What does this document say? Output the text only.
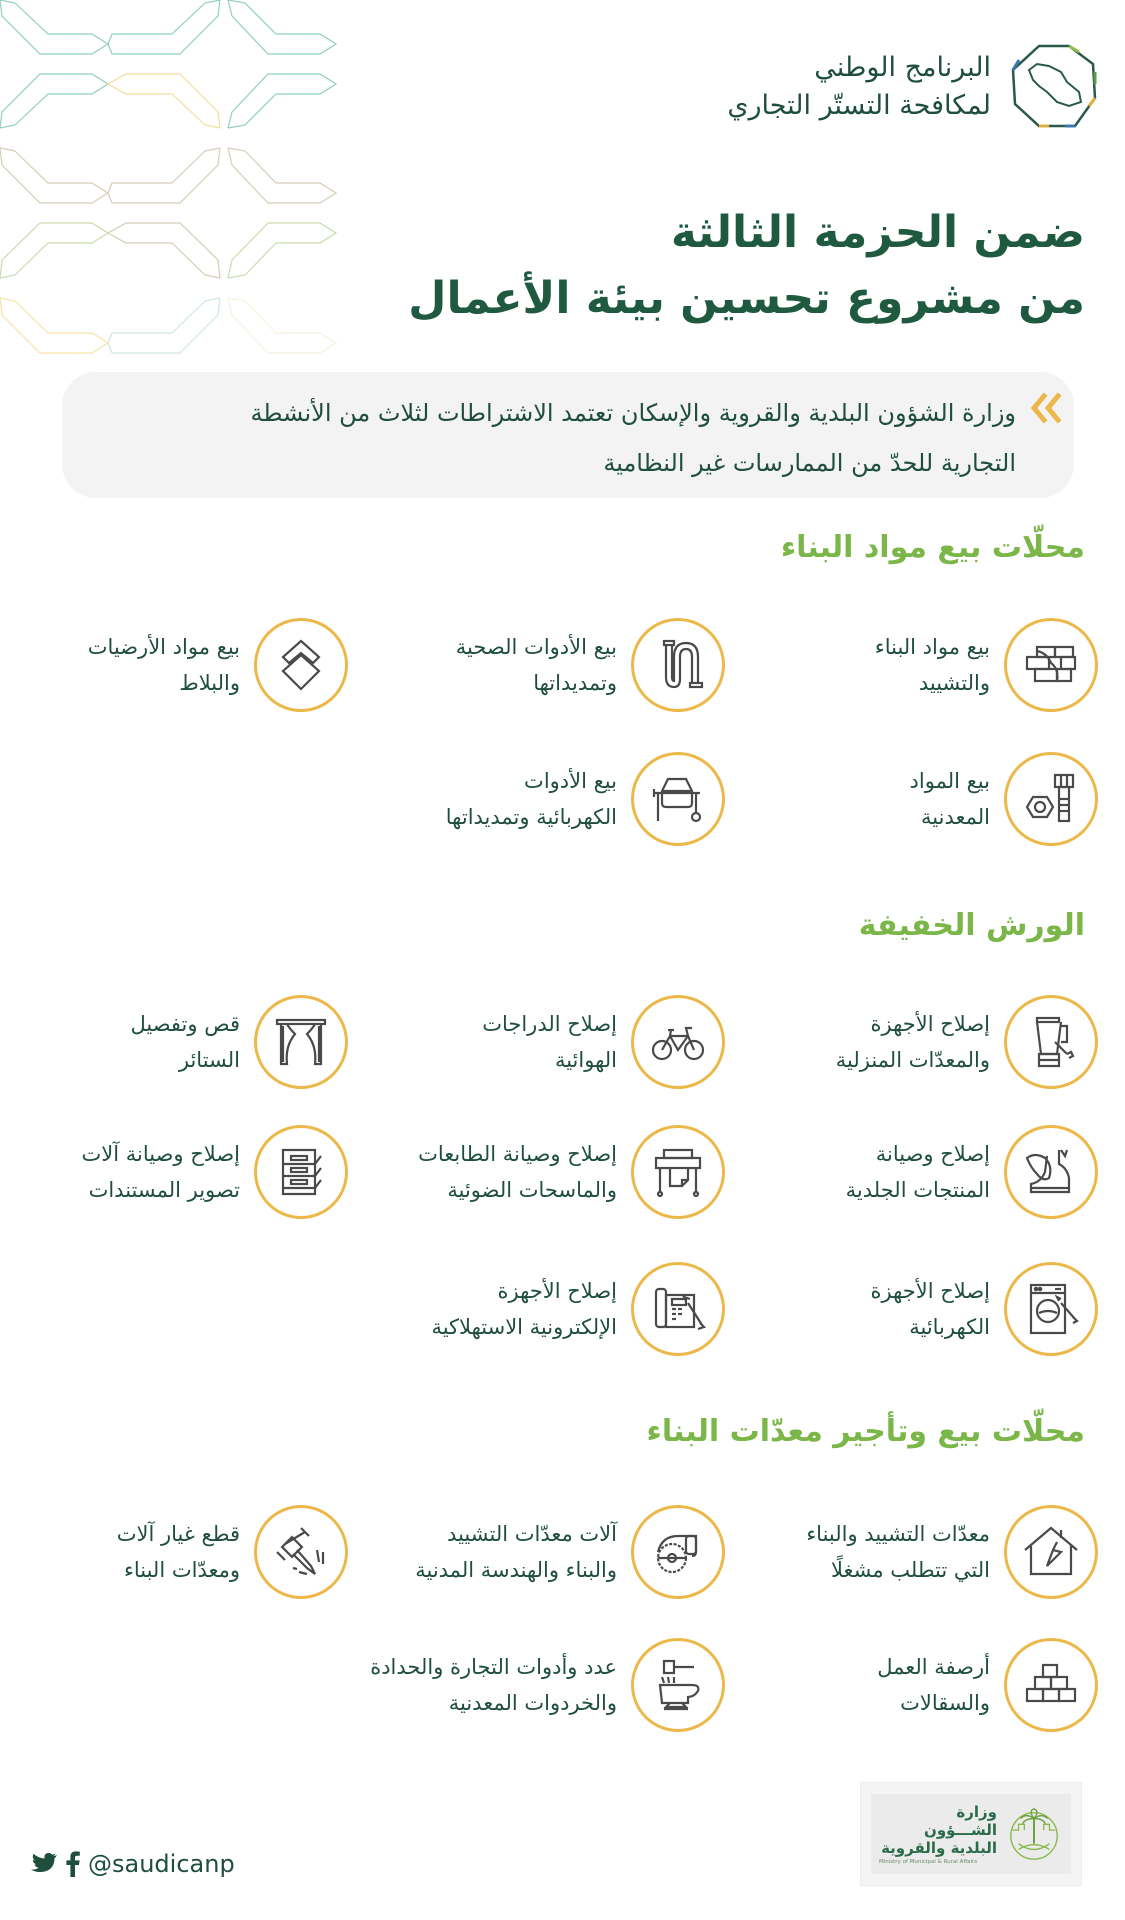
البرنامج الوطني
لمكافحة التستّر التجاري
ضمن الحزمة الثالثة
من مشروع تحسين بيئة الأعمال
وزارة الشؤون البلدية والقروية والإسكان تعتمد الاشتراطات لثلاث من الأنشطة
التجارية للحدّ من الممارسات غير النظامية
محلّات بيع مواد البناء
بيع مواد البناء
والتشييد
بيع الأدوات الصحية
وتمديداتها
بيع مواد الأرضيات
والبلاط
بيع المواد
المعدنية
بيع الأدوات
الكهربائية وتمديداتها
الورش الخفيفة
إصلاح الأجهزة
والمعدّات المنزلية
إصلاح الدراجات
الهوائية
قص وتفصيل
الستائر
إصلاح وصيانة
المنتجات الجلدية
إصلاح وصيانة الطابعات
والماسحات الضوئية
إصلاح وصيانة آلات
تصوير المستندات
إصلاح الأجهزة
الكهربائية
إصلاح الأجهزة
الإلكترونية الاستهلاكية
محلّات بيع وتأجير معدّات البناء
معدّات التشييد والبناء
التي تتطلب مشغلًا
آلات معدّات التشييد
والبناء والهندسة المدنية
قطع غيار آلات
ومعدّات البناء
أرصفة العمل
والسقالات
عدد وأدوات التجارة والحدادة
والخردوات المعدنية
@saudicanp
وزارة الشـــؤون
البلدية والقروية
Ministry of Municipal & Rural Affairs
